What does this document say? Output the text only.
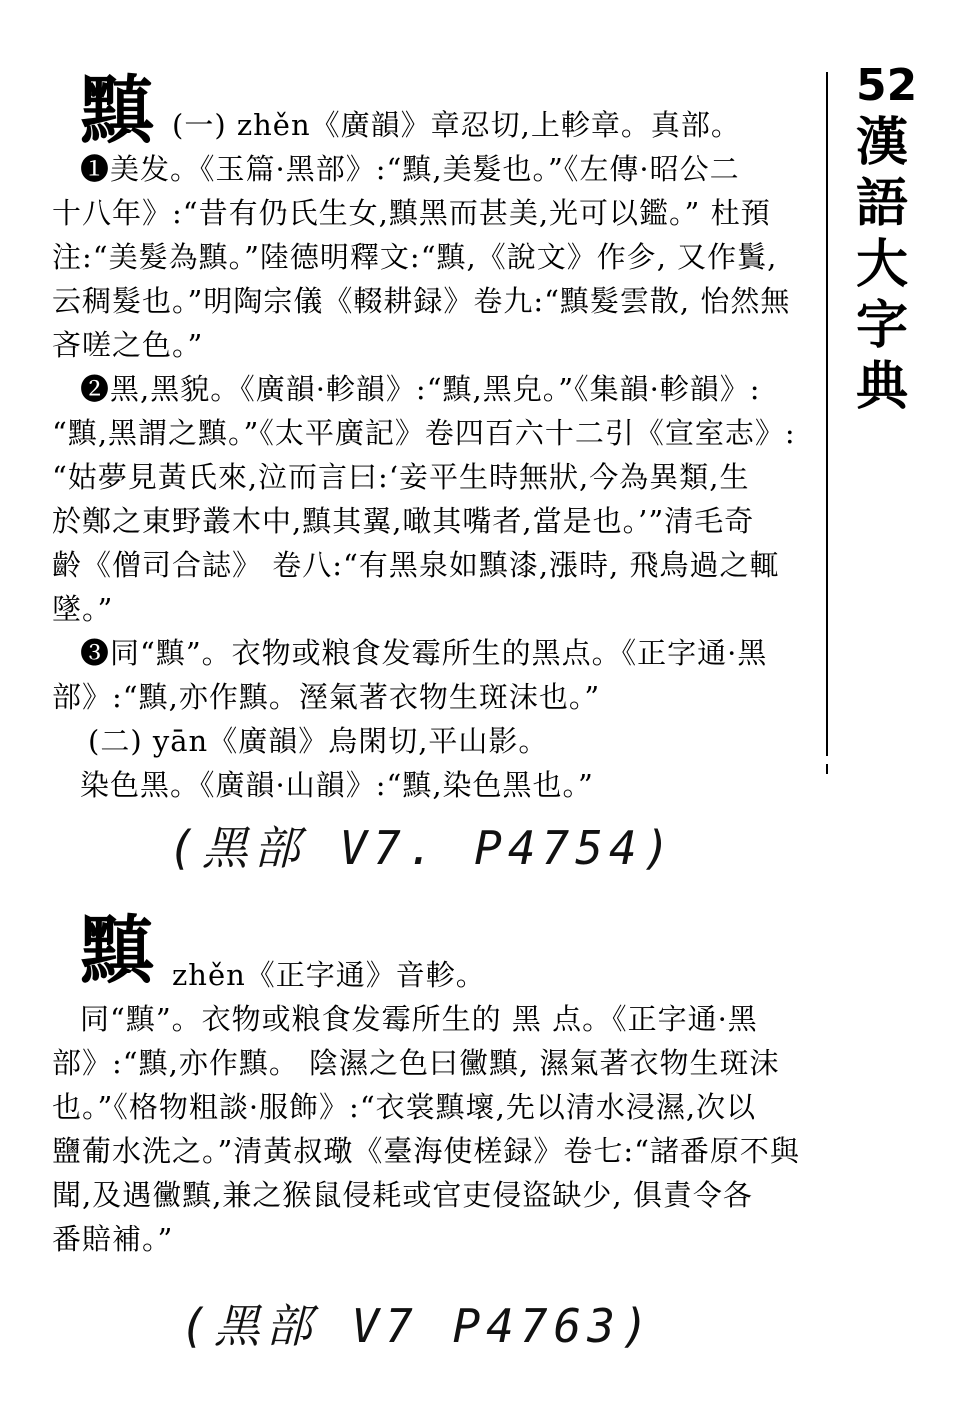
52
漢語大字典
黰 (一) zhěn《廣韻》章忍切,上軫章。真部。
❶美发。《玉篇·黑部》:“黰,美髮也。”《左傳·昭公二
十八年》:“昔有仍氏生女,黰黑而甚美,光可以鑑。” 杜預
注:“美髮為黰。”陸德明釋文:“黰,《說文》作㐱, 又作鬒,
云稠髮也。”明陶宗儀《輟耕録》卷九:“黰髮雲散, 怡然無
吝嗟之色。”
❷黑,黑貌。《廣韻·軫韻》:“黰,黑皃。”《集韻·軫韻》:
“黰,黑謂之黰。”《太平廣記》卷四百六十二引《宣室志》:
“姑夢見黃氏來,泣而言曰:‘妾平生時無狀,今為異類,生
於鄭之東野叢木中,黰其翼,噉其嘴者,當是也。’”清毛奇
齡《僧司合誌》 卷八:“有黑泉如黰漆,漲時, 飛鳥過之輒
墜。”
❸同“黰”。衣物或粮食发霉所生的黑点。《正字通·黑
部》:“黰,亦作黰。溼氣著衣物生斑沫也。”
(二) yān《廣韻》烏閑切,平山影。
染色黑。《廣韻·山韻》:“黰,染色黑也。”
(黑部 V7. P4754)
黰 zhěn《正字通》音軫。
同“黰”。衣物或粮食发霉所生的 黑 点。《正字通·黑
部》:“黰,亦作黰。 陰濕之色曰黴黰, 濕氣著衣物生斑沫
也。”《格物粗談·服飾》:“衣裳黰壞,先以清水浸濕,次以
鹽葡水洗之。”清黃叔璥《臺海使槎録》卷七:“諸番原不與
聞,及遇黴黰,兼之猴鼠侵耗或官吏侵盜缺少, 俱責令各
番賠補。”
(黑部 V7 P4763)
